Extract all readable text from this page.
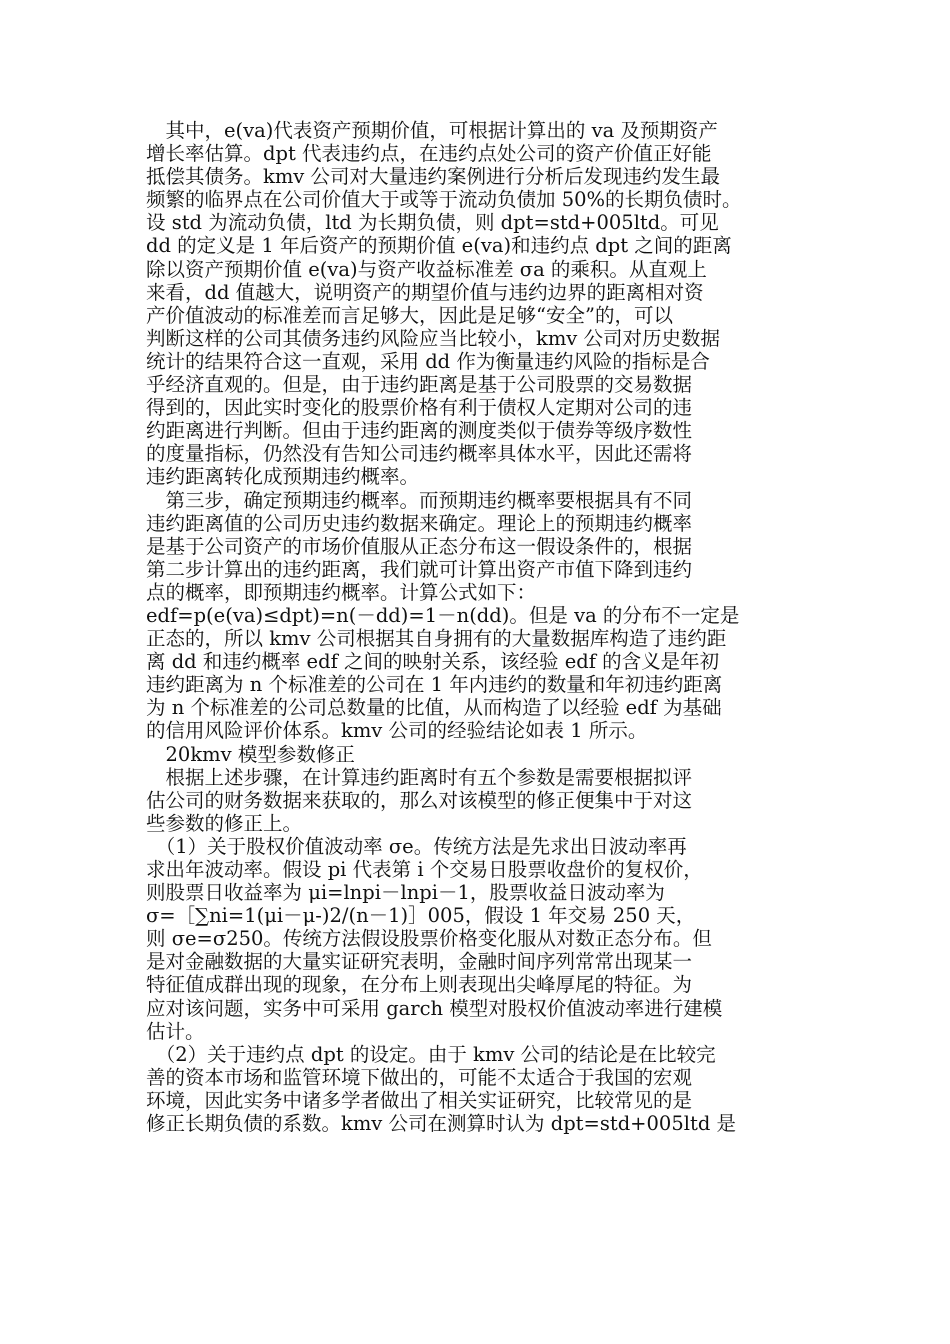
　其中，e(va)代表资产预期价值，可根据计算出的 va 及预期资产
增长率估算。dpt 代表违约点，在违约点处公司的资产价值正好能
抵偿其债务。kmv 公司对大量违约案例进行分析后发现违约发生最
频繁的临界点在公司价值大于或等于流动负债加 50%的长期负债时。
设 std 为流动负债，ltd 为长期负债，则 dpt=std+005ltd。可见
dd 的定义是 1 年后资产的预期价值 e(va)和违约点 dpt 之间的距离
除以资产预期价值 e(va)与资产收益标准差 σa 的乘积。从直观上
来看，dd 值越大，说明资产的期望价值与违约边界的距离相对资
产价值波动的标准差而言足够大，因此是足够“安全”的，可以
判断这样的公司其债务违约风险应当比较小，kmv 公司对历史数据
统计的结果符合这一直观，采用 dd 作为衡量违约风险的指标是合
乎经济直观的。但是，由于违约距离是基于公司股票的交易数据
得到的，因此实时变化的股票价格有利于债权人定期对公司的违
约距离进行判断。但由于违约距离的测度类似于债券等级序数性
的度量指标，仍然没有告知公司违约概率具体水平，因此还需将
违约距离转化成预期违约概率。
　第三步，确定预期违约概率。而预期违约概率要根据具有不同
违约距离值的公司历史违约数据来确定。理论上的预期违约概率
是基于公司资产的市场价值服从正态分布这一假设条件的，根据
第二步计算出的违约距离，我们就可计算出资产市值下降到违约
点的概率，即预期违约概率。计算公式如下：
edf=p(e(va)≤dpt)=n(－dd)=1－n(dd)。但是 va 的分布不一定是
正态的，所以 kmv 公司根据其自身拥有的大量数据库构造了违约距
离 dd 和违约概率 edf 之间的映射关系，该经验 edf 的含义是年初
违约距离为 n 个标准差的公司在 1 年内违约的数量和年初违约距离
为 n 个标准差的公司总数量的比值，从而构造了以经验 edf 为基础
的信用风险评价体系。kmv 公司的经验结论如表 1 所示。
　20kmv 模型参数修正
　根据上述步骤，在计算违约距离时有五个参数是需要根据拟评
估公司的财务数据来获取的，那么对该模型的修正便集中于对这
些参数的修正上。
　（1）关于股权价值波动率 σe。传统方法是先求出日波动率再
求出年波动率。假设 pi 代表第 i 个交易日股票收盘价的复权价，
则股票日收益率为 μi=lnpi－lnpi－1，股票收益日波动率为
σ=［∑ni=1(μi－μ-)2/(n－1)］005，假设 1 年交易 250 天，
则 σe=σ250。传统方法假设股票价格变化服从对数正态分布。但
是对金融数据的大量实证研究表明，金融时间序列常常出现某一
特征值成群出现的现象，在分布上则表现出尖峰厚尾的特征。为
应对该问题，实务中可采用 garch 模型对股权价值波动率进行建模
估计。
　（2）关于违约点 dpt 的设定。由于 kmv 公司的结论是在比较完
善的资本市场和监管环境下做出的，可能不太适合于我国的宏观
环境，因此实务中诸多学者做出了相关实证研究，比较常见的是
修正长期负债的系数。kmv 公司在测算时认为 dpt=std+005ltd 是
